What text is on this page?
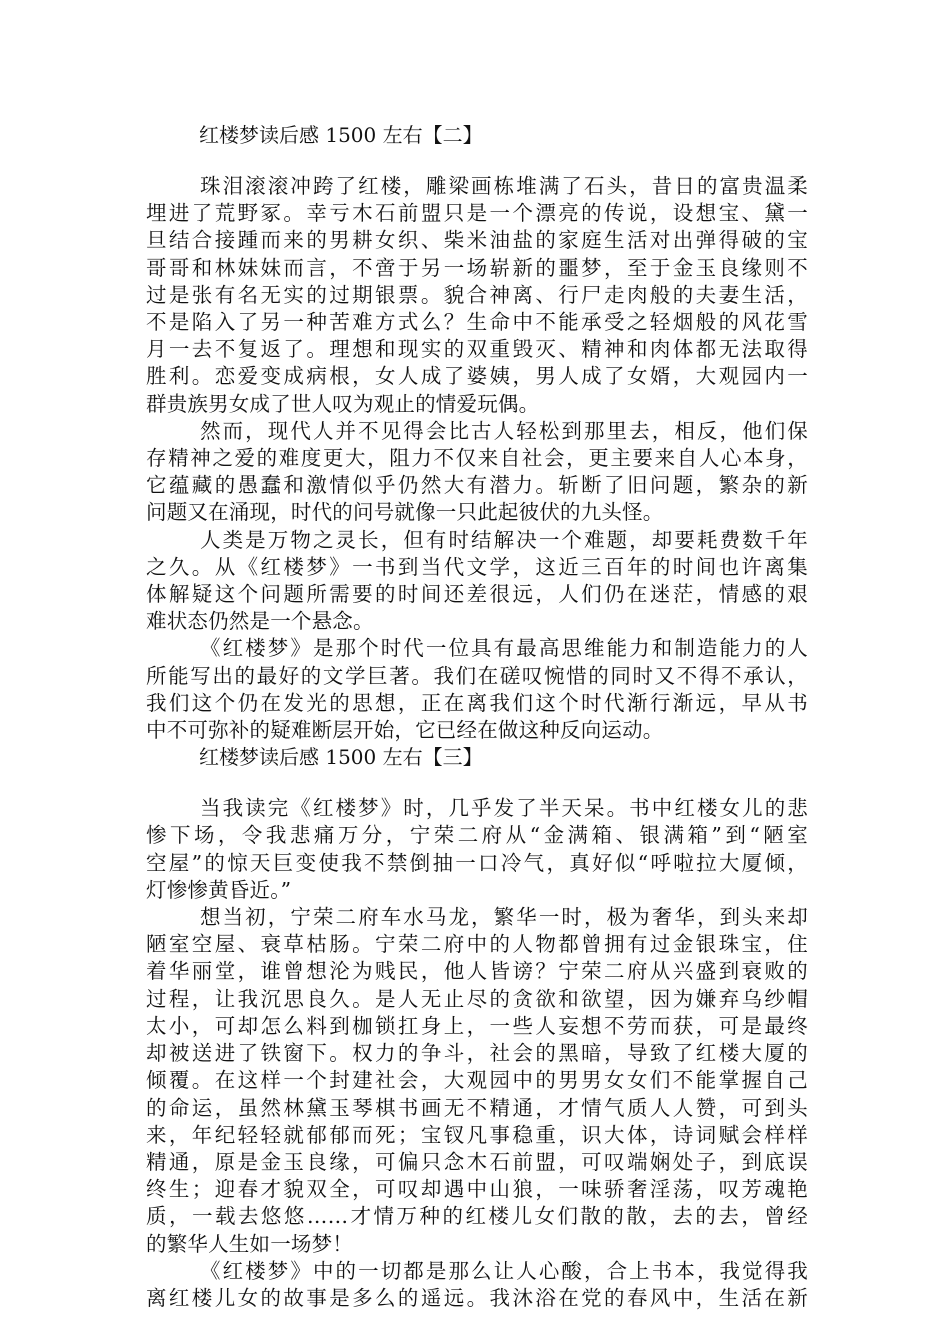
红楼梦读后感 1500 左右【二】

珠泪滚滚冲跨了红楼，雕梁画栋堆满了石头，昔日的富贵温柔

埋进了荒野冢。幸亏木石前盟只是一个漂亮的传说，设想宝、黛一

旦结合接踵而来的男耕女织、柴米油盐的家庭生活对出弹得破的宝

哥哥和林妹妹而言，不啻于另一场崭新的噩梦，至于金玉良缘则不

过是张有名无实的过期银票。貌合神离、行尸走肉般的夫妻生活，

不是陷入了另一种苦难方式么？生命中不能承受之轻烟般的风花雪

月一去不复返了。理想和现实的双重毁灭、精神和肉体都无法取得

胜利。恋爱变成病根，女人成了婆姨，男人成了女婿，大观园内一

群贵族男女成了世人叹为观止的情爱玩偶。

然而，现代人并不见得会比古人轻松到那里去，相反，他们保

存精神之爱的难度更大，阻力不仅来自社会，更主要来自人心本身，

它蕴藏的愚蠢和激情似乎仍然大有潜力。斩断了旧问题，繁杂的新

问题又在涌现，时代的问号就像一只此起彼伏的九头怪。

人类是万物之灵长，但有时结解决一个难题，却要耗费数千年

之久。从《红楼梦》一书到当代文学，这近三百年的时间也许离集

体解疑这个问题所需要的时间还差很远，人们仍在迷茫，情感的艰

难状态仍然是一个悬念。

《红楼梦》是那个时代一位具有最高思维能力和制造能力的人

所能写出的最好的文学巨著。我们在磋叹惋惜的同时又不得不承认，

我们这个仍在发光的思想，正在离我们这个时代渐行渐远，早从书

中不可弥补的疑难断层开始，它已经在做这种反向运动。

红楼梦读后感 1500 左右【三】

当我读完《红楼梦》时，几乎发了半天呆。书中红楼女儿的悲

惨下场，令我悲痛万分，宁荣二府从“金满箱、银满箱”到“陋室

空屋”的惊天巨变使我不禁倒抽一口冷气，真好似“呼啦拉大厦倾，

灯惨惨黄昏近。”

想当初，宁荣二府车水马龙，繁华一时，极为奢华，到头来却

陋室空屋、衰草枯肠。宁荣二府中的人物都曾拥有过金银珠宝，住

着华丽堂，谁曾想沦为贱民，他人皆谤？宁荣二府从兴盛到衰败的

过程，让我沉思良久。是人无止尽的贪欲和欲望，因为嫌弃乌纱帽

太小，可却怎么料到枷锁扛身上，一些人妄想不劳而获，可是最终

却被送进了铁窗下。权力的争斗，社会的黑暗，导致了红楼大厦的

倾覆。在这样一个封建社会，大观园中的男男女女们不能掌握自己

的命运，虽然林黛玉琴棋书画无不精通，才情气质人人赞，可到头

来，年纪轻轻就郁郁而死；宝钗凡事稳重，识大体，诗词赋会样样

精通，原是金玉良缘，可偏只念木石前盟，可叹端娴处子，到底误

终生；迎春才貌双全，可叹却遇中山狼，一味骄奢淫荡，叹芳魂艳

质，一载去悠悠……才情万种的红楼儿女们散的散，去的去，曾经

的繁华人生如一场梦！

《红楼梦》中的一切都是那么让人心酸，合上书本，我觉得我

离红楼儿女的故事是多么的遥远。我沐浴在党的春风中，生活在新
